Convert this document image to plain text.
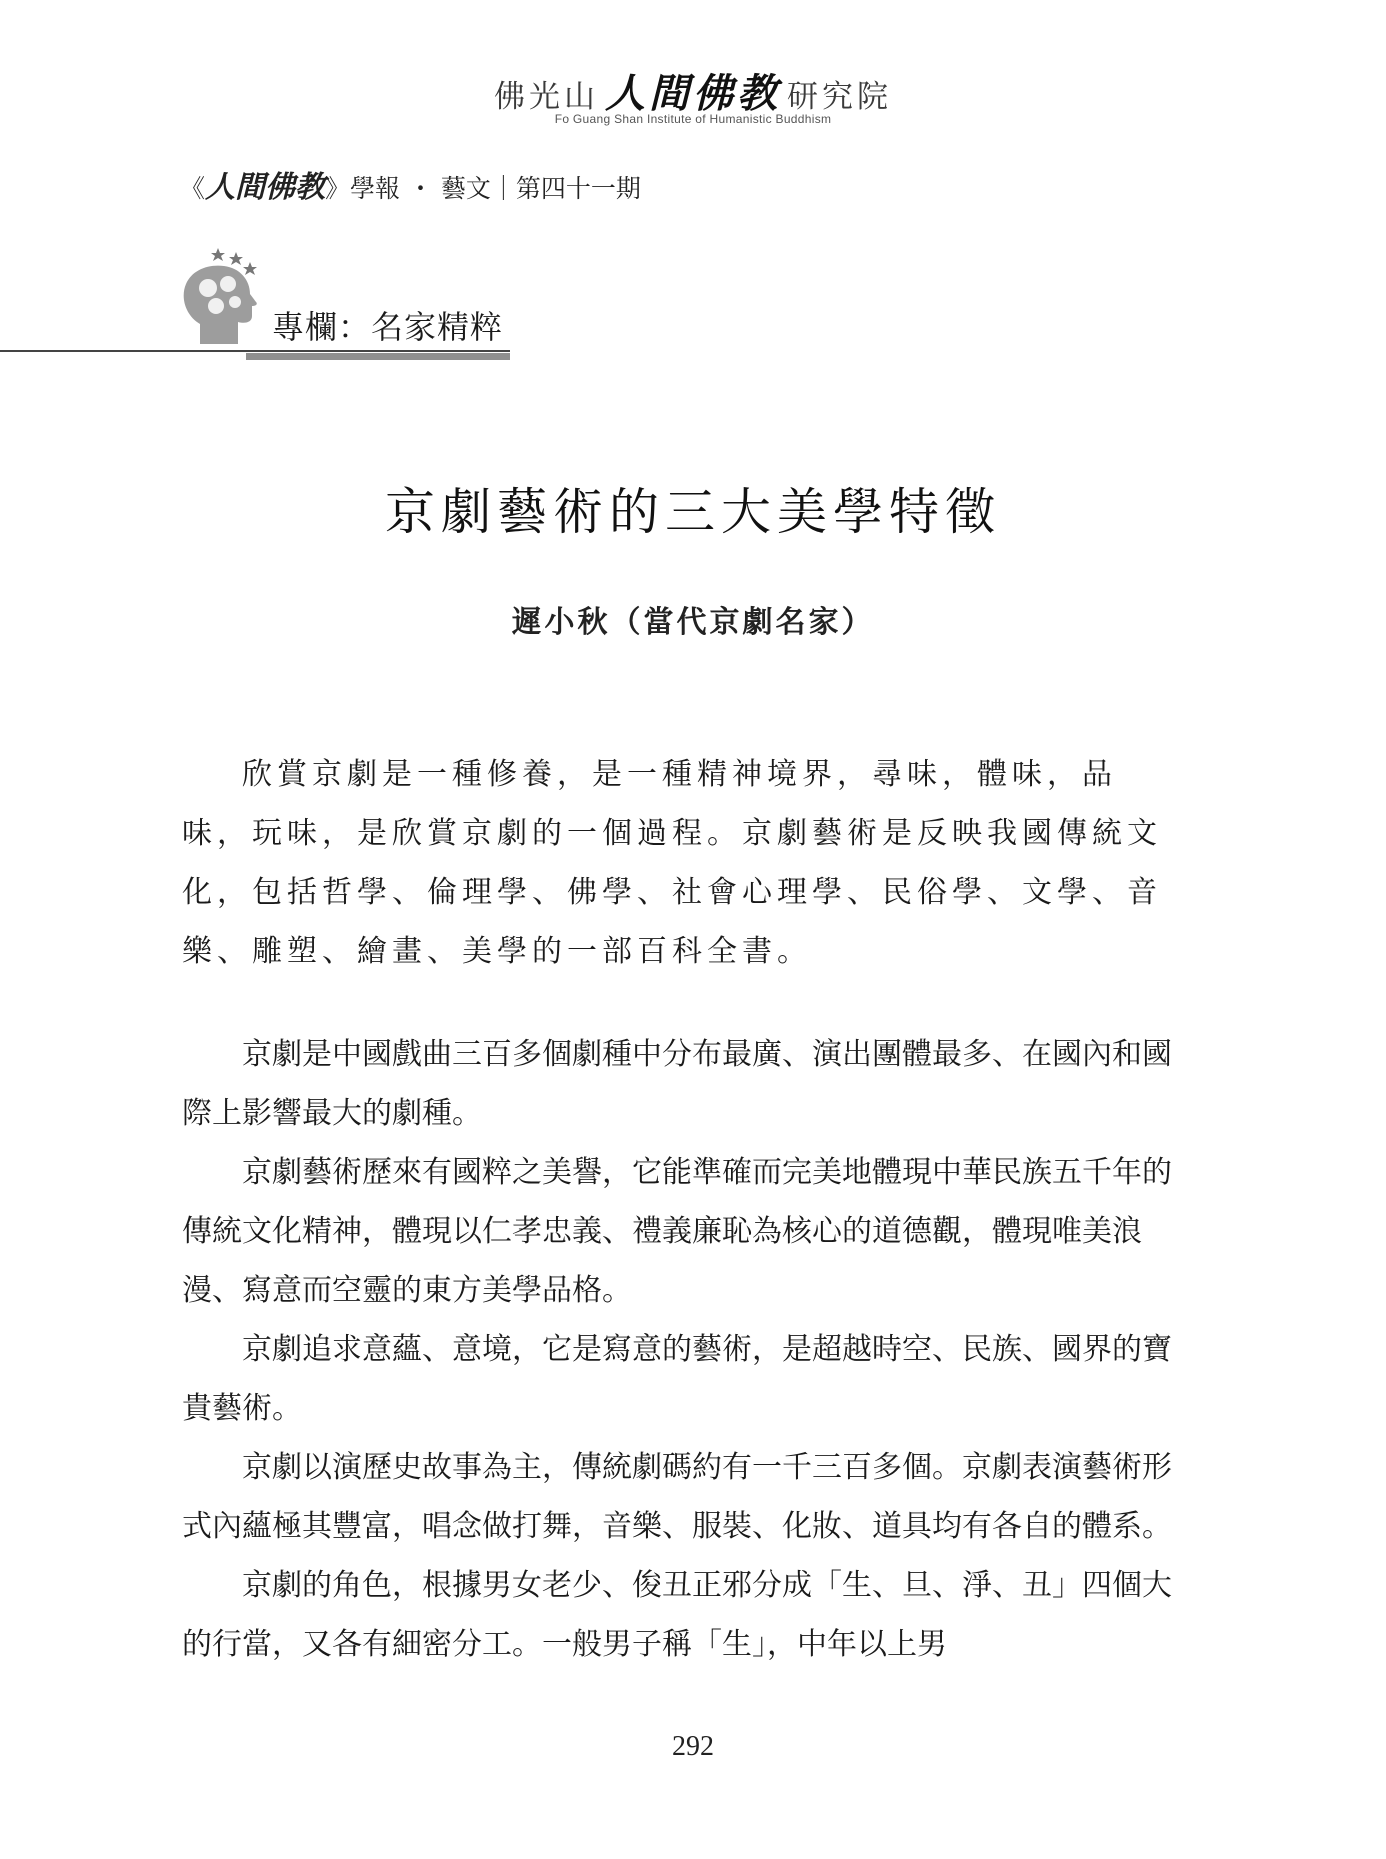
佛光山 人間佛教 研究院
Fo Guang Shan Institute of Humanistic Buddhism
《人間佛教》學報 ・ 藝文｜第四十一期
專欄：名家精粹
京劇藝術的三大美學特徵
遲小秋（當代京劇名家）

欣賞京劇是一種修養，是一種精神境界，尋味，體味，品味，玩味，是欣賞京劇的一個過程。京劇藝術是反映我國傳統文化，包括哲學、倫理學、佛學、社會心理學、民俗學、文學、音樂、雕塑、繪畫、美學的一部百科全書。

京劇是中國戲曲三百多個劇種中分布最廣、演出團體最多、在國內和國際上影響最大的劇種。

京劇藝術歷來有國粹之美譽，它能準確而完美地體現中華民族五千年的傳統文化精神，體現以仁孝忠義、禮義廉恥為核心的道德觀，體現唯美浪漫、寫意而空靈的東方美學品格。

京劇追求意蘊、意境，它是寫意的藝術，是超越時空、民族、國界的寶貴藝術。

京劇以演歷史故事為主，傳統劇碼約有一千三百多個。京劇表演藝術形式內蘊極其豐富，唱念做打舞，音樂、服裝、化妝、道具均有各自的體系。

京劇的角色，根據男女老少、俊丑正邪分成「生、旦、淨、丑」四個大的行當，又各有細密分工。一般男子稱「生」，中年以上男

292
